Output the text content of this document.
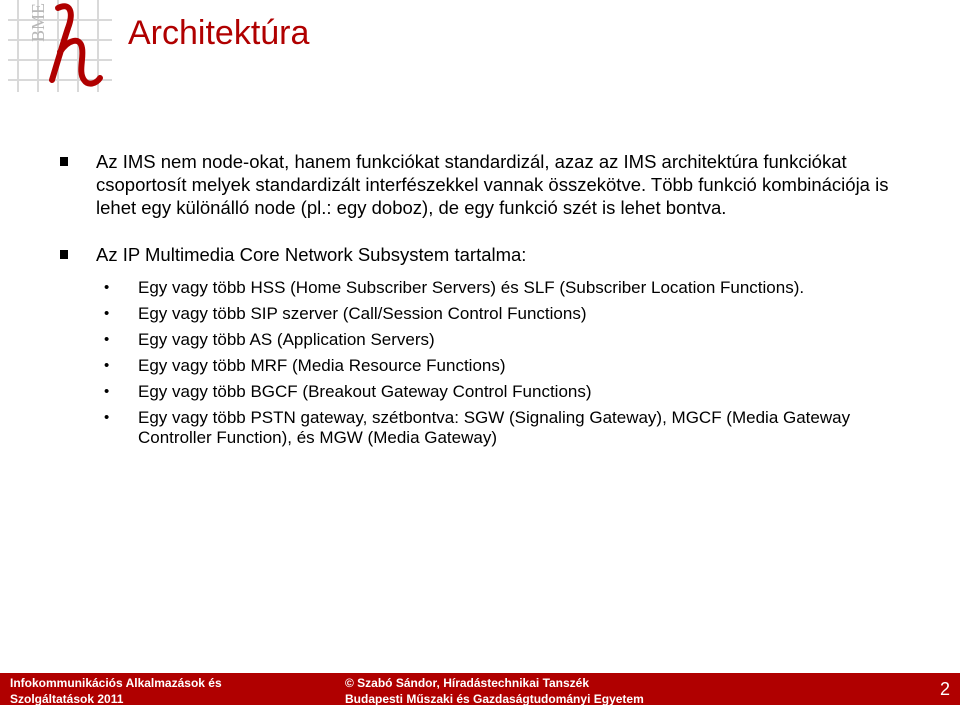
BME Architektúra
Az IMS nem node-okat, hanem funkciókat standardizál, azaz az IMS architektúra funkciókat csoportosít melyek standardizált interfészekkel vannak összekötve. Több funkció kombinációja is lehet egy különálló node (pl.: egy doboz), de egy funkció szét is lehet bontva.
Az IP Multimedia Core Network Subsystem tartalma:
• Egy vagy több HSS (Home Subscriber Servers) és SLF (Subscriber Location Functions).
• Egy vagy több SIP szerver (Call/Session Control Functions)
• Egy vagy több AS (Application Servers)
• Egy vagy több MRF (Media Resource Functions)
• Egy vagy több BGCF (Breakout Gateway Control Functions)
• Egy vagy több PSTN gateway, szétbontva: SGW (Signaling Gateway), MGCF (Media Gateway Controller Function), és MGW (Media Gateway)
Infokommunikációs Alkalmazások és
Szolgáltatások 2011
© Szabó Sándor, Híradástechnikai Tanszék
Budapesti Műszaki és Gazdaságtudományi Egyetem	2
